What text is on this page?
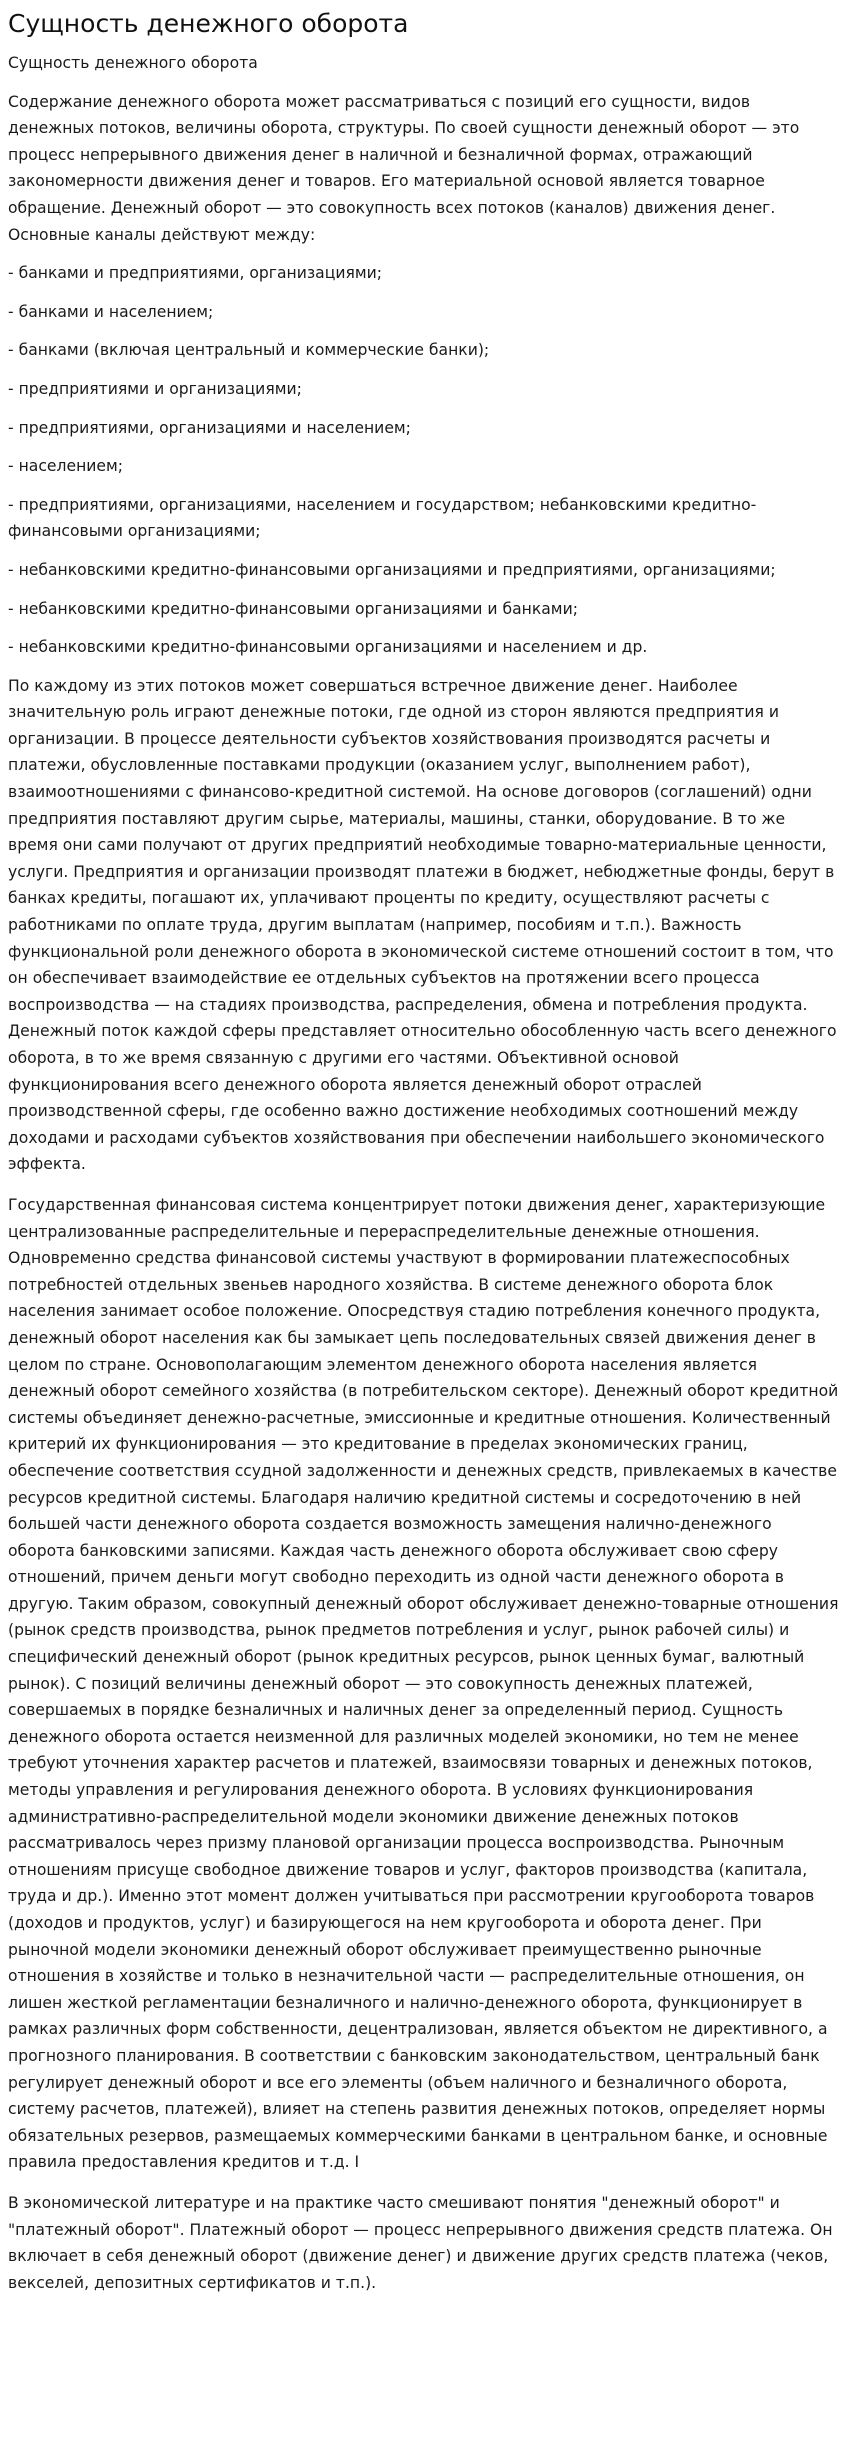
Сущность денежного оборота

Сущность денежного оборота

Содержание денежного оборота может рассматриваться с позиций его сущности, видов денежных потоков, величины оборота, структуры. По своей сущности денежный оборот — это процесс непрерывного движения денег в наличной и безналичной формах, отражающий закономерности движения денег и товаров. Его материальной основой является товарное обращение. Денежный оборот — это совокупность всех потоков (каналов) движения денег. Основные каналы действуют между:

- банками и предприятиями, организациями;

- банками и населением;

- банками (включая центральный и коммерческие банки);

- предприятиями и организациями;

- предприятиями, организациями и населением;

- населением;

- предприятиями, организациями, населением и государством; небанковскими кредитно-финансовыми организациями;

- небанковскими кредитно-финансовыми организациями и предприятиями, организациями;

- небанковскими кредитно-финансовыми организациями и банками;

- небанковскими кредитно-финансовыми организациями и населением и др.

По каждому из этих потоков может совершаться встречное движение денег. Наиболее значительную роль играют денежные потоки, где одной из сторон являются предприятия и организации. В процессе деятельности субъектов хозяйствования производятся расчеты и платежи, обусловленные поставками продукции (оказанием услуг, выполнением работ), взаимоотношениями с финансово-кредитной системой. На основе договоров (соглашений) одни предприятия поставляют другим сырье, материалы, машины, станки, оборудование. В то же время они сами получают от других предприятий необходимые товарно-материальные ценности, услуги. Предприятия и организации производят платежи в бюджет, небюджетные фонды, берут в банках кредиты, погашают их, уплачивают проценты по кредиту, осуществляют расчеты с работниками по оплате труда, другим выплатам (например, пособиям и т.п.). Важность функциональной роли денежного оборота в экономической системе отношений состоит в том, что он обеспечивает взаимодействие ее отдельных субъектов на протяжении всего процесса воспроизводства — на стадиях производства, распределения, обмена и потребления продукта. Денежный поток каждой сферы представляет относительно обособленную часть всего денежного оборота, в то же время связанную с другими его частями. Объективной основой функционирования всего денежного оборота является денежный оборот отраслей производственной сферы, где особенно важно достижение необходимых соотношений между доходами и расходами субъектов хозяйствования при обеспечении наибольшего экономического эффекта.

Государственная финансовая система концентрирует потоки движения денег, характеризующие централизованные распределительные и перераспределительные денежные отношения. Одновременно средства финансовой системы участвуют в формировании платежеспособных потребностей отдельных звеньев народного хозяйства. В системе денежного оборота блок населения занимает особое положение. Опосредствуя стадию потребления конечного продукта, денежный оборот населения как бы замыкает цепь последовательных связей движения денег в целом по стране. Основополагающим элементом денежного оборота населения является денежный оборот семейного хозяйства (в потребительском секторе). Денежный оборот кредитной системы объединяет денежно-расчетные, эмиссионные и кредитные отношения. Количественный критерий их функционирования — это кредитование в пределах экономических границ, обеспечение соответствия ссудной задолженности и денежных средств, привлекаемых в качестве ресурсов кредитной системы. Благодаря наличию кредитной системы и сосредоточению в ней большей части денежного оборота создается возможность замещения налично-денежного оборота банковскими записями. Каждая часть денежного оборота обслуживает свою сферу отношений, причем деньги могут свободно переходить из одной части денежного оборота в другую. Таким образом, совокупный денежный оборот обслуживает денежно-товарные отношения (рынок средств производства, рынок предметов потребления и услуг, рынок рабочей силы) и специфический денежный оборот (рынок кредитных ресурсов, рынок ценных бумаг, валютный рынок). С позиций величины денежный оборот — это совокупность денежных платежей, совершаемых в порядке безналичных и наличных денег за определенный период. Сущность денежного оборота остается неизменной для различных моделей экономики, но тем не менее требуют уточнения характер расчетов и платежей, взаимосвязи товарных и денежных потоков, методы управления и регулирования денежного оборота. В условиях функционирования административно-распределительной модели экономики движение денежных потоков рассматривалось через призму плановой организации процесса воспроизводства. Рыночным отношениям присуще свободное движение товаров и услуг, факторов производства (капитала, труда и др.). Именно этот момент должен учитываться при рассмотрении кругооборота товаров (доходов и продуктов, услуг) и базирующегося на нем кругооборота и оборота денег. При рыночной модели экономики денежный оборот обслуживает преимущественно рыночные отношения в хозяйстве и только в незначительной части — распределительные отношения, он лишен жесткой регламентации безналичного и налично-денежного оборота, функционирует в рамках различных форм собственности, децентрализован, является объектом не директивного, а прогнозного планирования. В соответствии с банковским законодательством, центральный банк регулирует денежный оборот и все его элементы (объем наличного и безналичного оборота, систему расчетов, платежей), влияет на степень развития денежных потоков, определяет нормы обязательных резервов, размещаемых коммерческими банками в центральном банке, и основные правила предоставления кредитов и т.д. I

В экономической литературе и на практике часто смешивают понятия "денежный оборот" и "платежный оборот". Платежный оборот — процесс непрерывного движения средств платежа. Он включает в себя денежный оборот (движение денег) и движение других средств платежа (чеков, векселей, депозитных сертификатов и т.п.).
